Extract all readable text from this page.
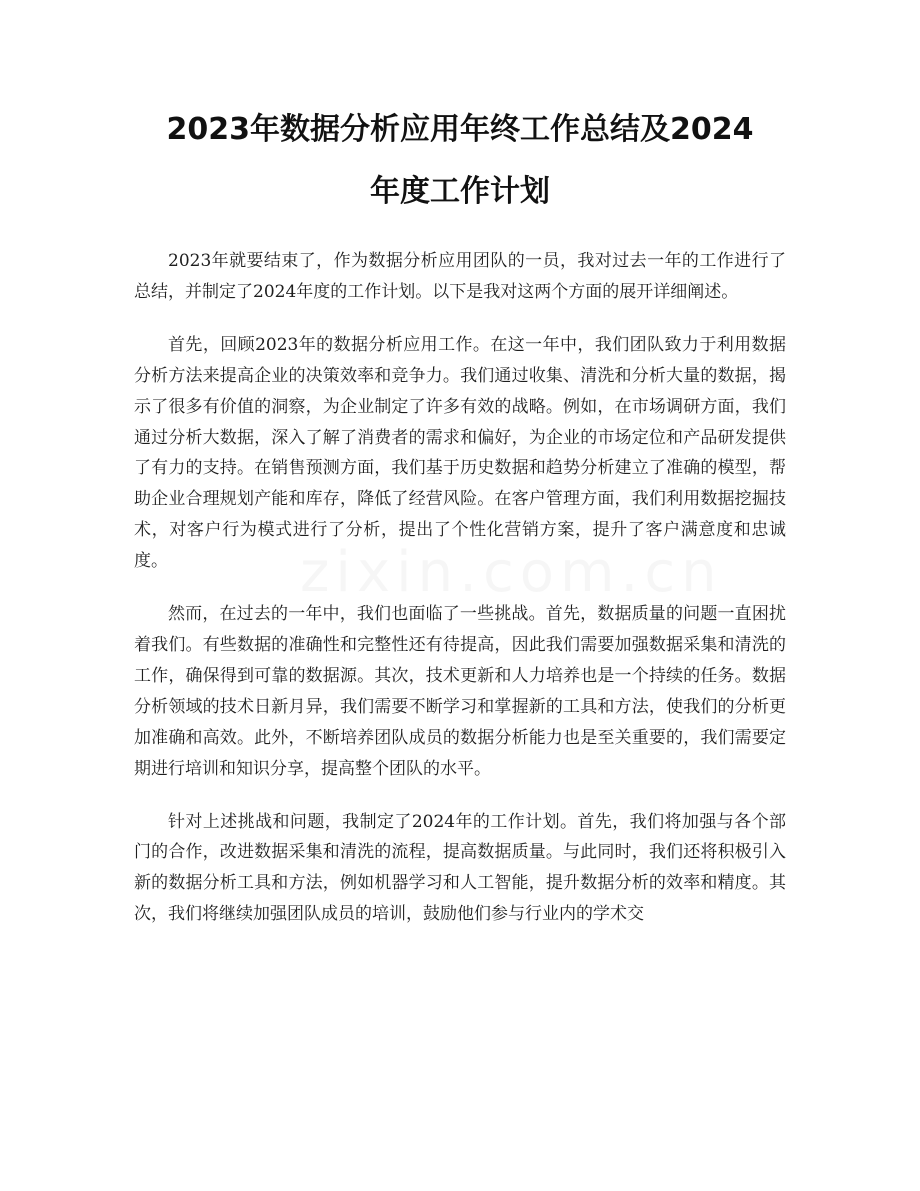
2023年数据分析应用年终工作总结及2024
年度工作计划

2023年就要结束了，作为数据分析应用团队的一员，我对过去一年的工作进行了总结，并制定了2024年度的工作计划。以下是我对这两个方面的展开详细阐述。

首先，回顾2023年的数据分析应用工作。在这一年中，我们团队致力于利用数据分析方法来提高企业的决策效率和竞争力。我们通过收集、清洗和分析大量的数据，揭示了很多有价值的洞察，为企业制定了许多有效的战略。例如，在市场调研方面，我们通过分析大数据，深入了解了消费者的需求和偏好，为企业的市场定位和产品研发提供了有力的支持。在销售预测方面，我们基于历史数据和趋势分析建立了准确的模型，帮助企业合理规划产能和库存，降低了经营风险。在客户管理方面，我们利用数据挖掘技术，对客户行为模式进行了分析，提出了个性化营销方案，提升了客户满意度和忠诚度。

然而，在过去的一年中，我们也面临了一些挑战。首先，数据质量的问题一直困扰着我们。有些数据的准确性和完整性还有待提高，因此我们需要加强数据采集和清洗的工作，确保得到可靠的数据源。其次，技术更新和人力培养也是一个持续的任务。数据分析领域的技术日新月异，我们需要不断学习和掌握新的工具和方法，使我们的分析更加准确和高效。此外，不断培养团队成员的数据分析能力也是至关重要的，我们需要定期进行培训和知识分享，提高整个团队的水平。

针对上述挑战和问题，我制定了2024年的工作计划。首先，我们将加强与各个部门的合作，改进数据采集和清洗的流程，提高数据质量。与此同时，我们还将积极引入新的数据分析工具和方法，例如机器学习和人工智能，提升数据分析的效率和精度。其次，我们将继续加强团队成员的培训，鼓励他们参与行业内的学术交
